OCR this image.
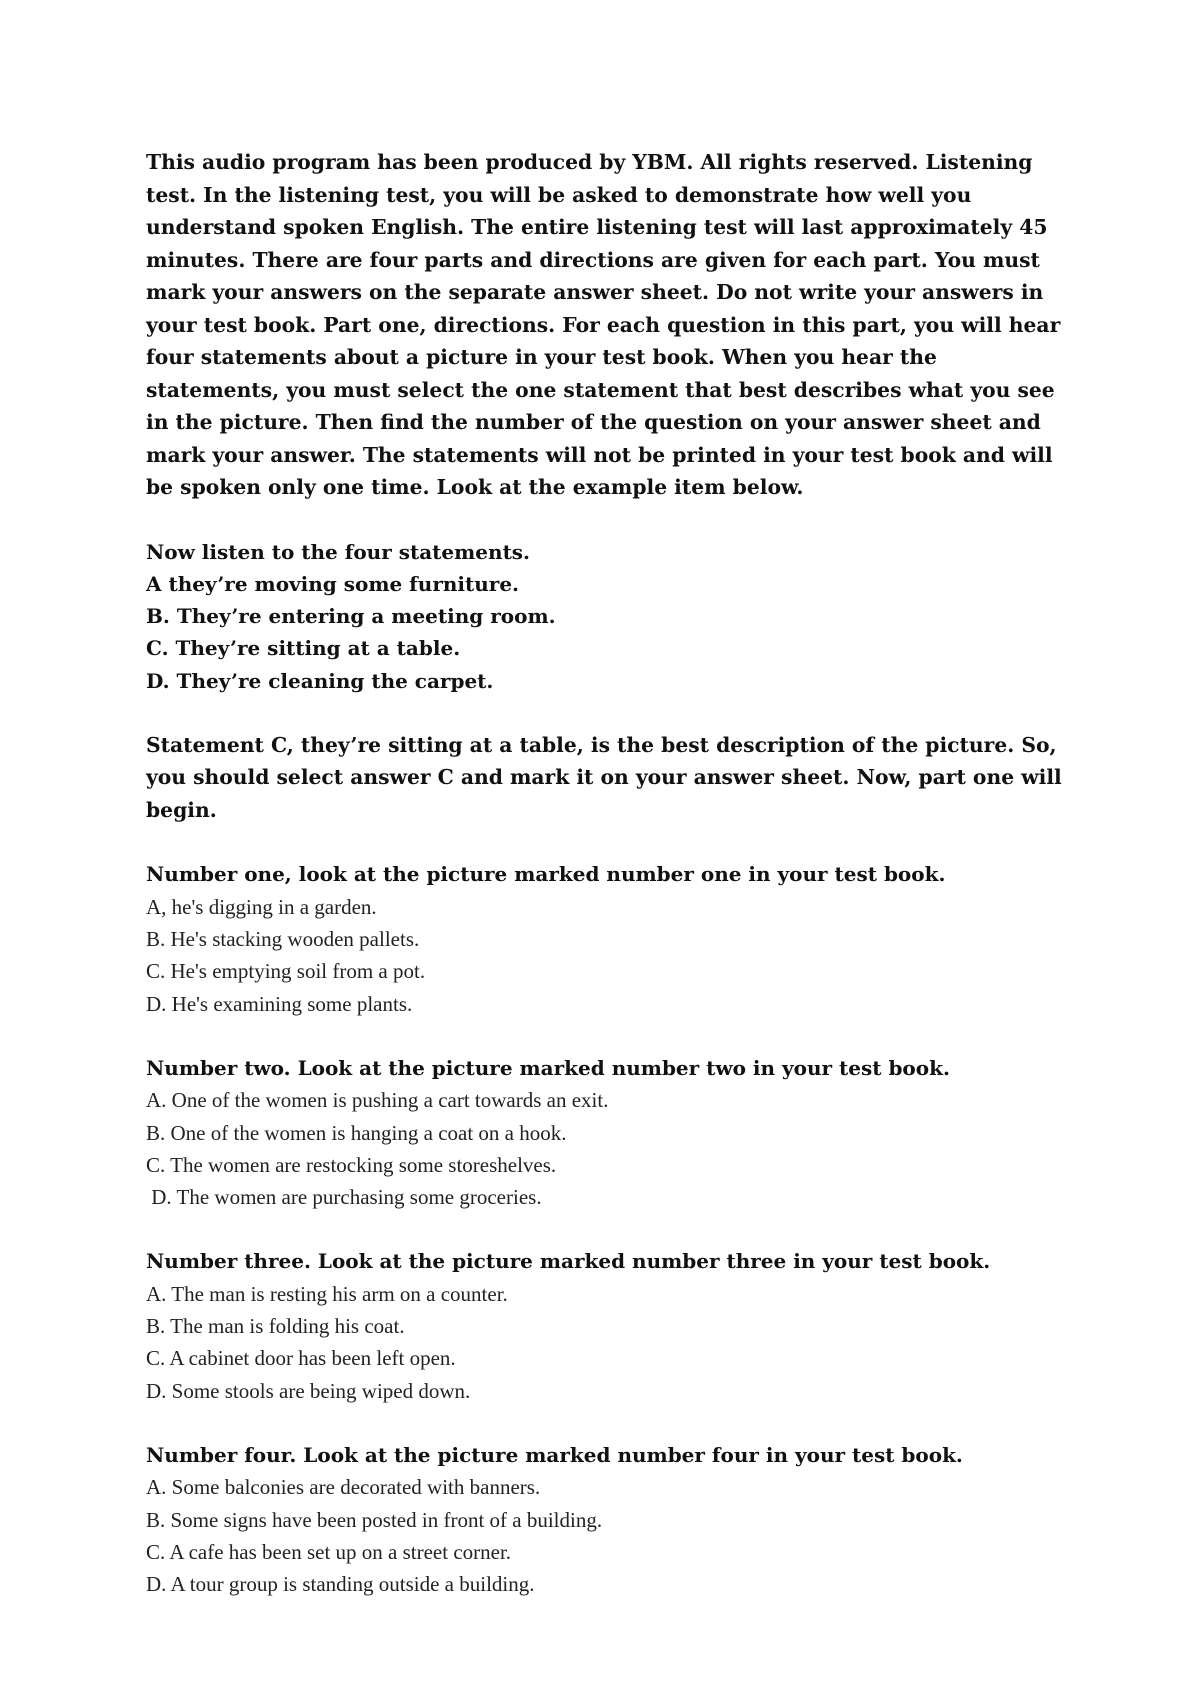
This audio program has been produced by YBM. All rights reserved. Listening test. In the listening test, you will be asked to demonstrate how well you understand spoken English. The entire listening test will last approximately 45 minutes. There are four parts and directions are given for each part. You must mark your answers on the separate answer sheet. Do not write your answers in your test book. Part one, directions. For each question in this part, you will hear four statements about a picture in your test book. When you hear the statements, you must select the one statement that best describes what you see in the picture. Then find the number of the question on your answer sheet and mark your answer. The statements will not be printed in your test book and will be spoken only one time. Look at the example item below.

Now listen to the four statements.
A they’re moving some furniture.
B. They’re entering a meeting room.
C. They’re sitting at a table.
D. They’re cleaning the carpet.

Statement C, they’re sitting at a table, is the best description of the picture. So, you should select answer C and mark it on your answer sheet. Now, part one will begin.

Number one, look at the picture marked number one in your test book.
A, he's digging in a garden.
B. He's stacking wooden pallets.
C. He's emptying soil from a pot.
D. He's examining some plants.
Number two. Look at the picture marked number two in your test book.
A. One of the women is pushing a cart towards an exit.
B. One of the women is hanging a coat on a hook.
C. The women are restocking some storeshelves.
D. The women are purchasing some groceries.
Number three. Look at the picture marked number three in your test book.
A. The man is resting his arm on a counter.
B. The man is folding his coat.
C. A cabinet door has been left open.
D. Some stools are being wiped down.
Number four. Look at the picture marked number four in your test book.
A. Some balconies are decorated with banners.
B. Some signs have been posted in front of a building.
C. A cafe has been set up on a street corner.
D. A tour group is standing outside a building.
